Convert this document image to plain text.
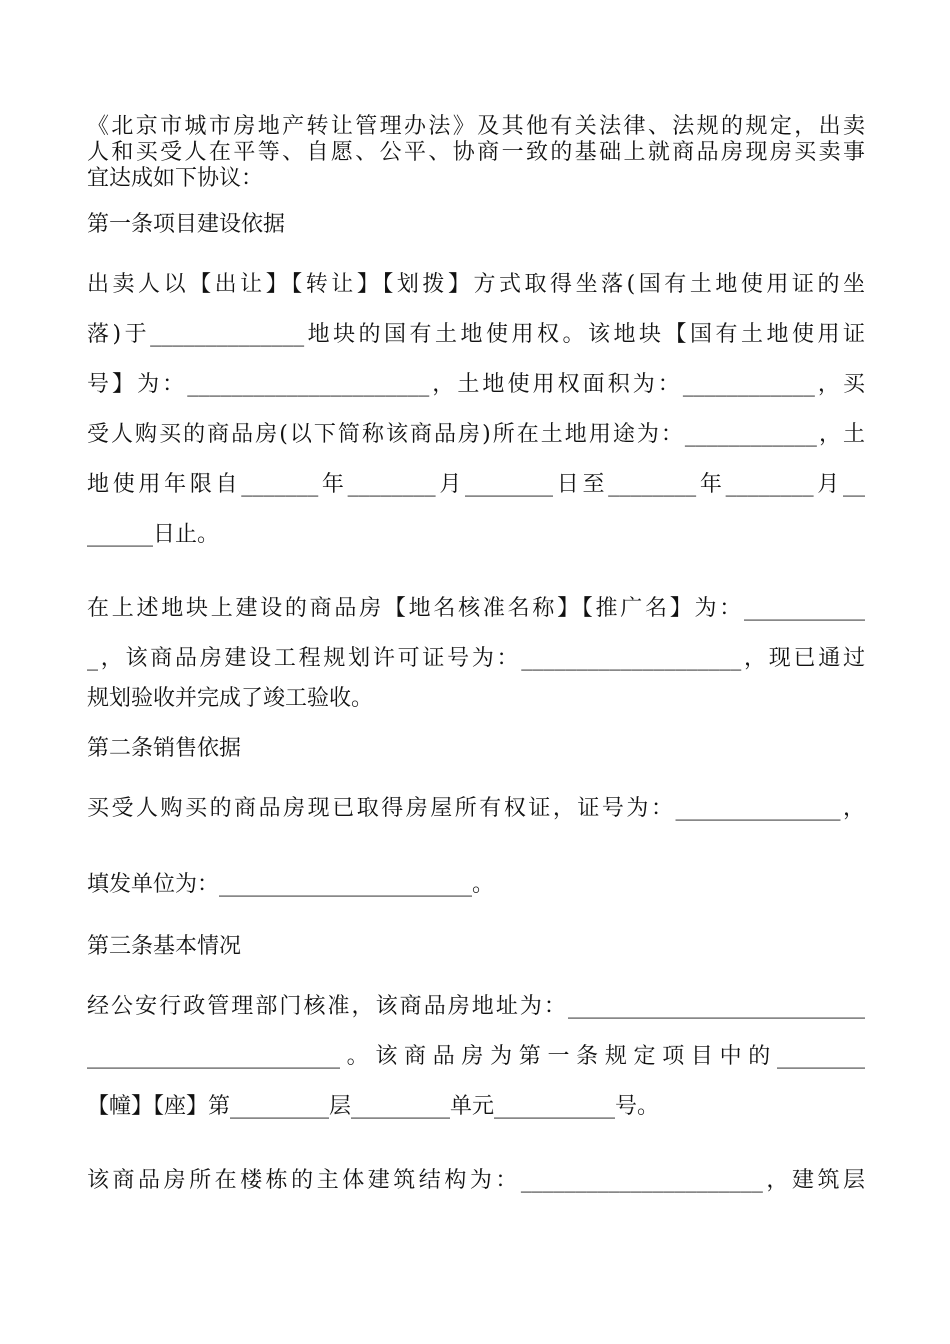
《北京市城市房地产转让管理办法》及其他有关法律、法规的规定，出卖
人和买受人在平等、自愿、公平、协商一致的基础上就商品房现房买卖事
宜达成如下协议：
第一条项目建设依据
出卖人以【出让】【转让】【划拨】方式取得坐落(国有土地使用证的坐
落)于______________地块的国有土地使用权。该地块【国有土地使用证
号】为：______________________，土地使用权面积为：____________，买
受人购买的商品房(以下简称该商品房)所在土地用途为：____________，土
地使用年限自_______年________月________日至________年________月__
______日止。
在上述地块上建设的商品房【地名核准名称】【推广名】为：___________
_，该商品房建设工程规划许可证号为：____________________，现已通过
规划验收并完成了竣工验收。
第二条销售依据
买受人购买的商品房现已取得房屋所有权证，证号为：_______________，
填发单位为：_______________________。
第三条基本情况
经公安行政管理部门核准，该商品房地址为：___________________________
_______________________。该商品房为第一条规定项目中的________
【幢】【座】第_________层_________单元___________号。
该商品房所在楼栋的主体建筑结构为：______________________，建筑层
